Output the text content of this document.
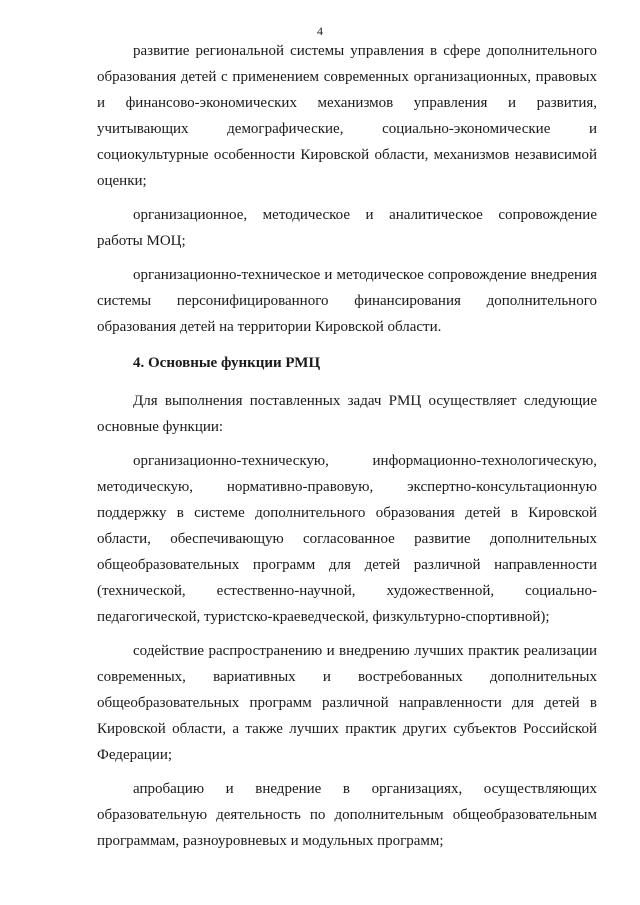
4

развитие региональной системы управления в сфере дополнительного образования детей с применением современных организационных, правовых и финансово-экономических механизмов управления и развития, учитывающих демографические, социально-экономические и социокультурные особенности Кировской области, механизмов независимой оценки;

организационное, методическое и аналитическое сопровождение работы МОЦ;

организационно-техническое и методическое сопровождение внедрения системы персонифицированного финансирования дополнительного образования детей на территории Кировской области.

4. Основные функции РМЦ

Для выполнения поставленных задач РМЦ осуществляет следующие основные функции:

организационно-техническую, информационно-технологическую, методическую, нормативно-правовую, экспертно-консультационную поддержку в системе дополнительного образования детей в Кировской области, обеспечивающую согласованное развитие дополнительных общеобразовательных программ для детей различной направленности (технической, естественно-научной, художественной, социально-педагогической, туристско-краеведческой, физкультурно-спортивной);

содействие распространению и внедрению лучших практик реализации современных, вариативных и востребованных дополнительных общеобразовательных программ различной направленности для детей в Кировской области, а также лучших практик других субъектов Российской Федерации;

апробацию и внедрение в организациях, осуществляющих образовательную деятельность по дополнительным общеобразовательным программам, разноуровневых и модульных программ;
